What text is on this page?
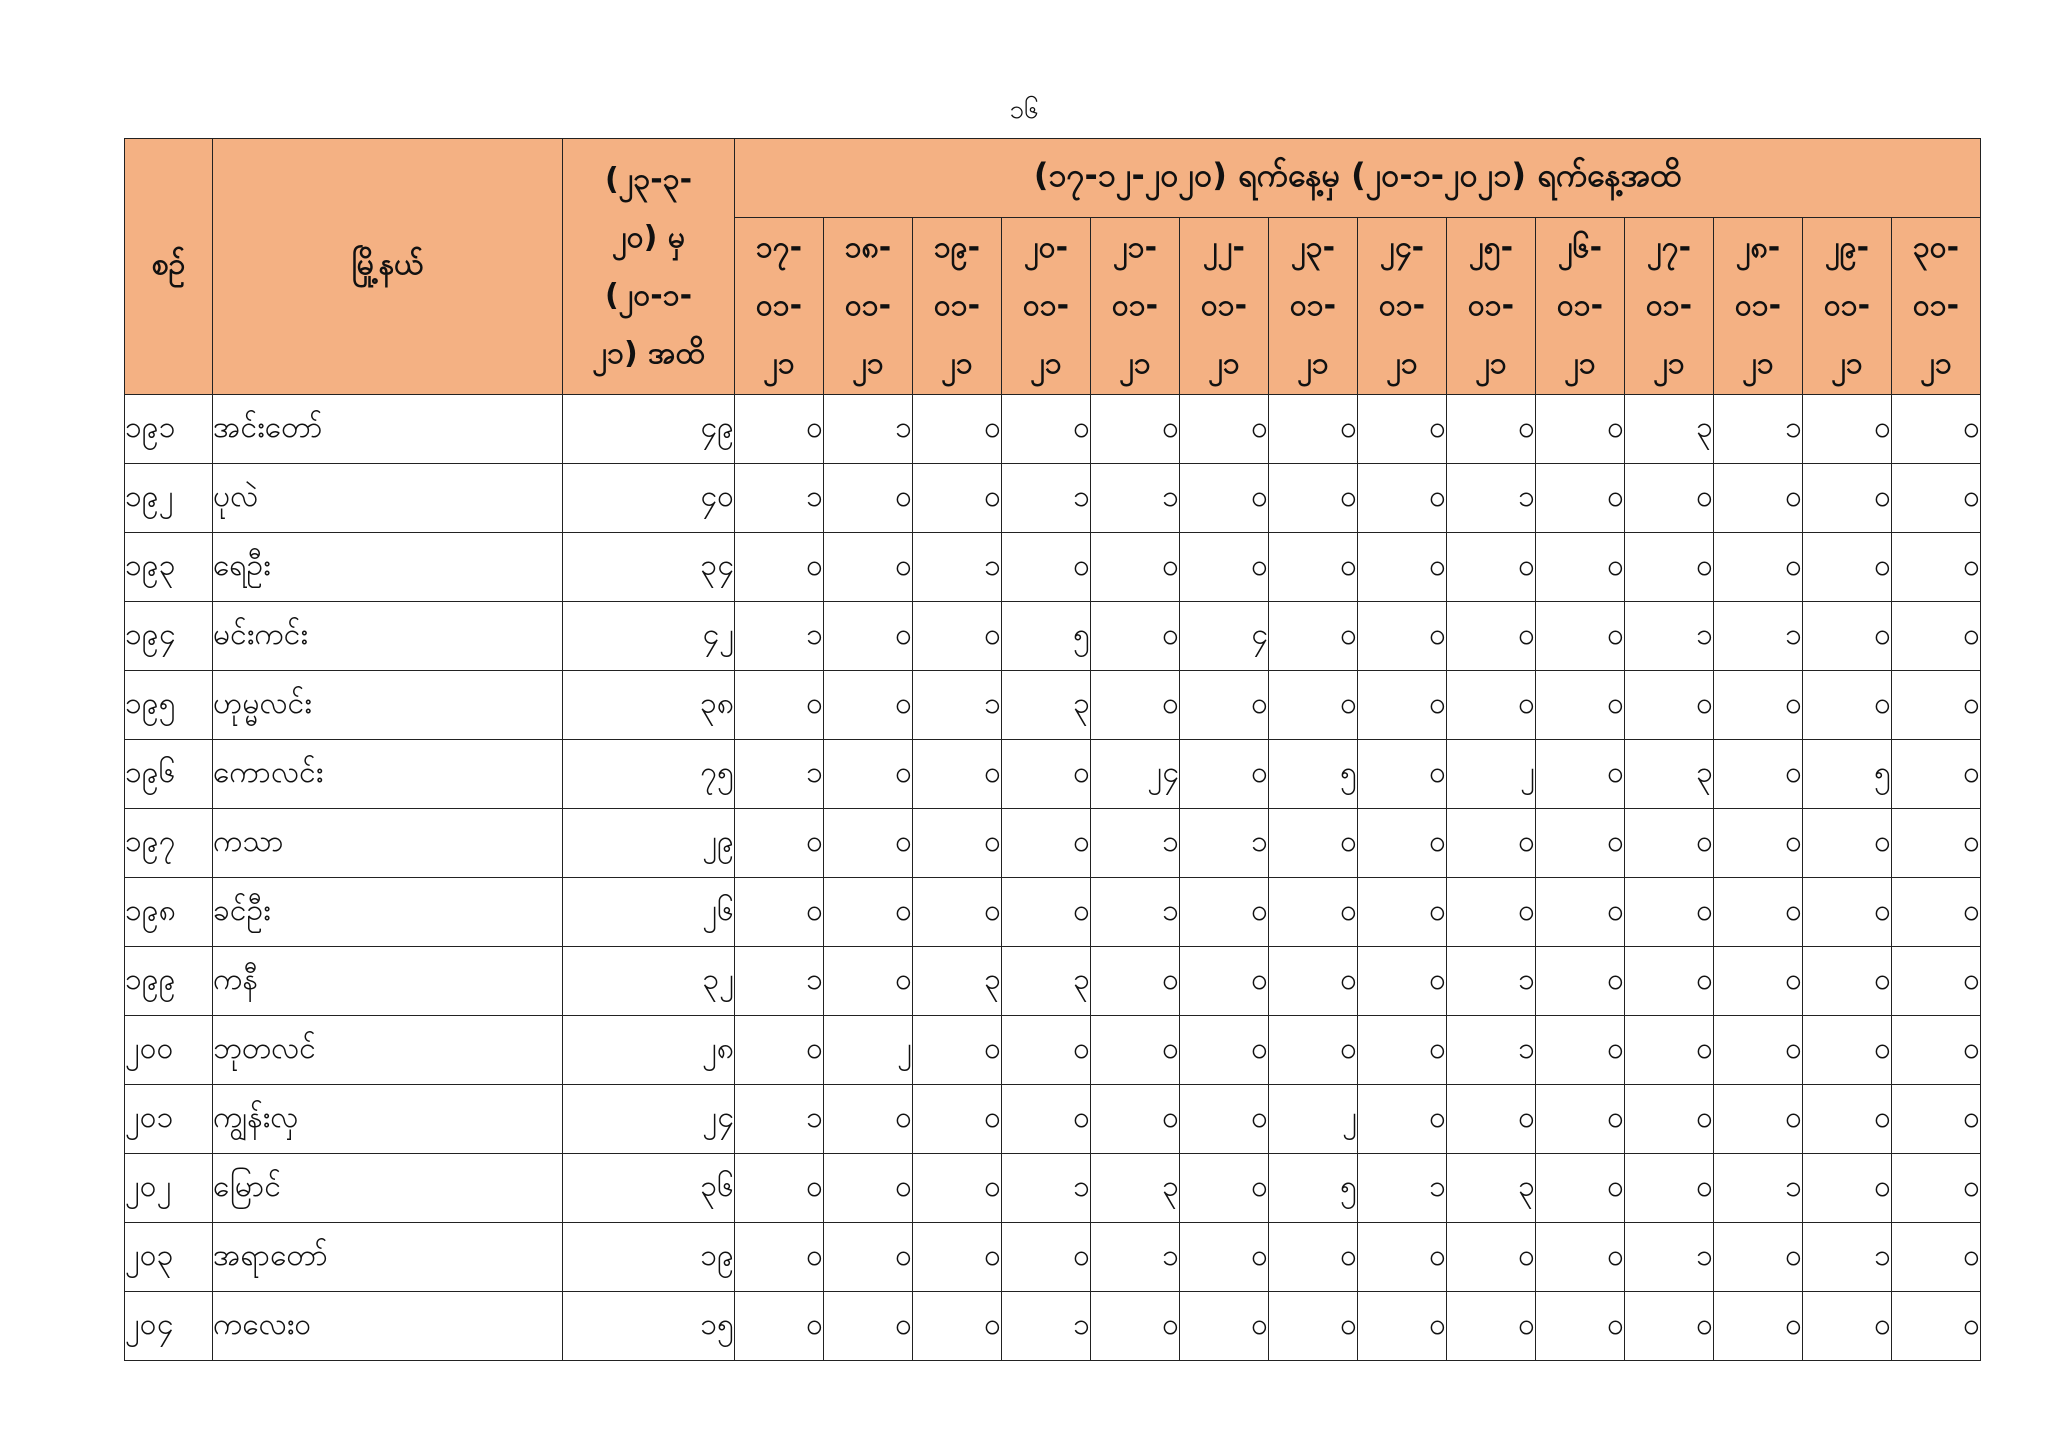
၁၆
စဉ်	မြို့နယ်	(၂၃-၃-
၂၀) မှ
(၂၀-၁-
၂၁) အထိ	(၁၇-၁၂-၂၀၂၀) ရက်နေ့မှ (၂၀-၁-၂၀၂၁) ရက်နေ့အထိ													

			၁၇-
၀၁-
၂၁	၁၈-
၀၁-
၂၁	၁၉-
၀၁-
၂၁	၂၀-
၀၁-
၂၁	၂၁-
၀၁-
၂၁	၂၂-
၀၁-
၂၁	၂၃-
၀၁-
၂၁	၂၄-
၀၁-
၂၁	၂၅-
၀၁-
၂၁	၂၆-
၀၁-
၂၁	၂၇-
၀၁-
၂၁	၂၈-
၀၁-
၂၁	၂၉-
၀၁-
၂၁	၃၀-
၀၁-
၂၁

၁၉၁	အင်းတော်	၄၉	၀	၁	၀	၀	၀	၀	၀	၀	၀	၀	၃	၁	၀	၀
၁၉၂	ပုလဲ	၄၀	၁	၀	၀	၁	၁	၀	၀	၀	၁	၀	၀	၀	၀	၀
၁၉၃	ရေဦး	၃၄	၀	၀	၁	၀	၀	၀	၀	၀	၀	၀	၀	၀	၀	၀
၁၉၄	မင်းကင်း	၄၂	၁	၀	၀	၅	၀	၄	၀	၀	၀	၀	၁	၁	၀	၀
၁၉၅	ဟုမ္မလင်း	၃၈	၀	၀	၁	၃	၀	၀	၀	၀	၀	၀	၀	၀	၀	၀
၁၉၆	ကောလင်း	၇၅	၁	၀	၀	၀	၂၄	၀	၅	၀	၂	၀	၃	၀	၅	၀
၁၉၇	ကသာ	၂၉	၀	၀	၀	၀	၁	၁	၀	၀	၀	၀	၀	၀	၀	၀
၁၉၈	ခင်ဦး	၂၆	၀	၀	၀	၀	၁	၀	၀	၀	၀	၀	၀	၀	၀	၀
၁၉၉	ကနီ	၃၂	၁	၀	၃	၃	၀	၀	၀	၀	၁	၀	၀	၀	၀	၀
၂၀၀	ဘုတလင်	၂၈	၀	၂	၀	၀	၀	၀	၀	၀	၁	၀	၀	၀	၀	၀
၂၀၁	ကျွန်းလှ	၂၄	၁	၀	၀	၀	၀	၀	၂	၀	၀	၀	၀	၀	၀	၀
၂၀၂	မြောင်	၃၆	၀	၀	၀	၁	၃	၀	၅	၁	၃	၀	၀	၁	၀	၀
၂၀၃	အရာတော်	၁၉	၀	၀	၀	၀	၁	၀	၀	၀	၀	၀	၁	၀	၁	၀
၂၀၄	ကလေးဝ	၁၅	၀	၀	၀	၁	၀	၀	၀	၀	၀	၀	၀	၀	၀	၀
